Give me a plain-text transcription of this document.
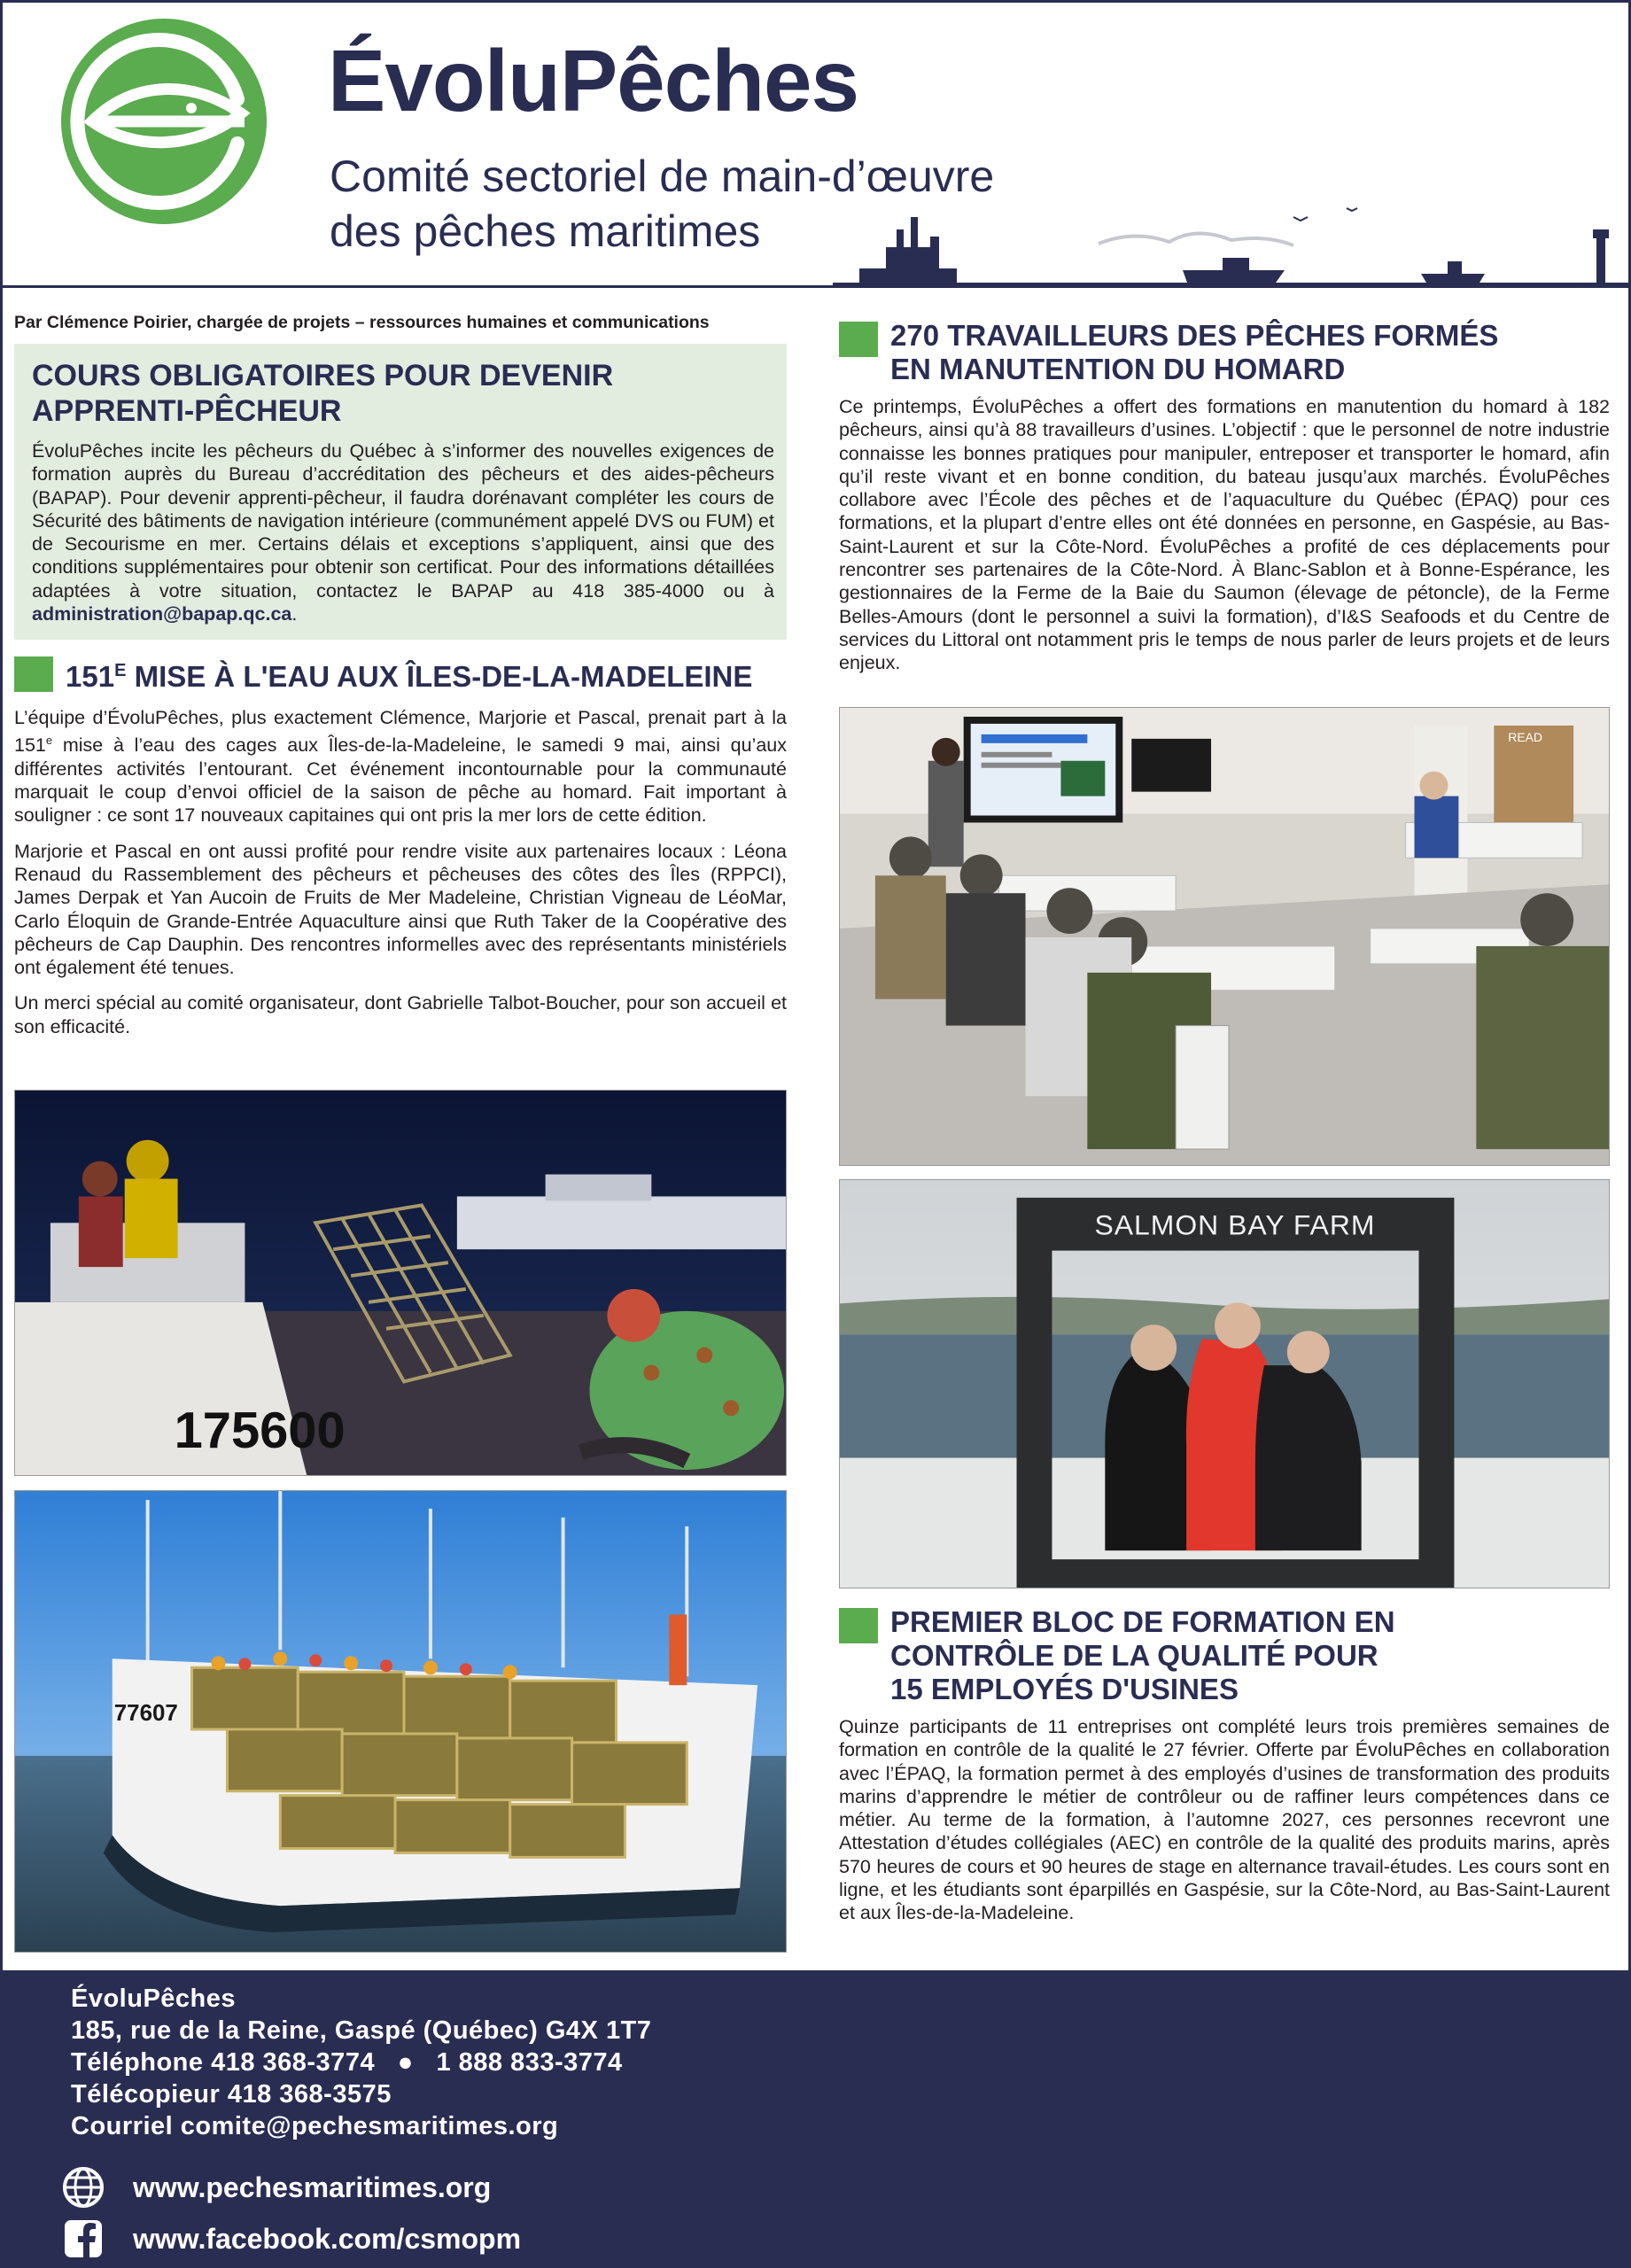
ÉvoluPêches
Comité sectoriel de main-d’œuvre
des pêches maritimes
Par Clémence Poirier, chargée de projets – ressources humaines et communications
COURS OBLIGATOIRES POUR DEVENIR
APPRENTI-PÊCHEUR

ÉvoluPêches incite les pêcheurs du Québec à s’informer des nouvelles exigences de formation auprès du Bureau d’accréditation des pêcheurs et des aides-pêcheurs (BAPAP). Pour devenir apprenti-pêcheur, il faudra dorénavant compléter les cours de Sécurité des bâtiments de navigation intérieure (communément appelé DVS ou FUM) et de Secourisme en mer. Certains délais et exceptions s’appliquent, ainsi que des conditions supplémentaires pour obtenir son certificat. Pour des informations détaillées adaptées à votre situation, contactez le BAPAP au 418 385-4000 ou à administration@bapap.qc.ca.

$151^E$ MISE À L'EAU AUX ÎLES-DE-LA-MADELEINE

L’équipe d’ÉvoluPêches, plus exactement Clémence, Marjorie et Pascal, prenait part à la 151e mise à l’eau des cages aux Îles-de-la-Madeleine, le samedi 9 mai, ainsi qu’aux différentes activités l’entourant. Cet événement incontournable pour la communauté marquait le coup d’envoi officiel de la saison de pêche au homard. Fait important à souligner : ce sont 17 nouveaux capitaines qui ont pris la mer lors de cette édition.

Marjorie et Pascal en ont aussi profité pour rendre visite aux partenaires locaux : Léona Renaud du Rassemblement des pêcheurs et pêcheuses des côtes des Îles (RPPCI), James Derpak et Yan Aucoin de Fruits de Mer Madeleine, Christian Vigneau de LéoMar, Carlo Éloquin de Grande-Entrée Aquaculture ainsi que Ruth Taker de la Coopérative des pêcheurs de Cap Dauphin. Des rencontres informelles avec des représentants ministériels ont également été tenues.

Un merci spécial au comité organisateur, dont Gabrielle Talbot-Boucher, pour son accueil et son efficacité.

175600
77607
270 TRAVAILLEURS DES PÊCHES FORMÉS
EN MANUTENTION DU HOMARD

Ce printemps, ÉvoluPêches a offert des formations en manutention du homard à 182 pêcheurs, ainsi qu’à 88 travailleurs d’usines. L’objectif : que le personnel de notre industrie connaisse les bonnes pratiques pour manipuler, entreposer et transporter le homard, afin qu’il reste vivant et en bonne condition, du bateau jusqu’aux marchés. ÉvoluPêches collabore avec l’École des pêches et de l’aquaculture du Québec (ÉPAQ) pour ces formations, et la plupart d’entre elles ont été données en personne, en Gaspésie, au Bas-Saint-Laurent et sur la Côte-Nord. ÉvoluPêches a profité de ces déplacements pour rencontrer ses partenaires de la Côte-Nord. À Blanc-Sablon et à Bonne-Espérance, les gestionnaires de la Ferme de la Baie du Saumon (élevage de pétoncle), de la Ferme Belles-Amours (dont le personnel a suivi la formation), d’I&S Seafoods et du Centre de services du Littoral ont notamment pris le temps de nous parler de leurs projets et de leurs enjeux.

READ
SALMON BAY FARM
PREMIER BLOC DE FORMATION EN
CONTRÔLE DE LA QUALITÉ POUR
15 EMPLOYÉS D'USINES

Quinze participants de 11 entreprises ont complété leurs trois premières semaines de formation en contrôle de la qualité le 27 février. Offerte par ÉvoluPêches en collaboration avec l’ÉPAQ, la formation permet à des employés d’usines de transformation des produits marins d’apprendre le métier de contrôleur ou de raffiner leurs compétences dans ce métier. Au terme de la formation, à l’automne 2027, ces personnes recevront une Attestation d’études collégiales (AEC) en contrôle de la qualité des produits marins, après 570 heures de cours et 90 heures de stage en alternance travail-études. Les cours sont en ligne, et les étudiants sont éparpillés en Gaspésie, sur la Côte-Nord, au Bas-Saint-Laurent et aux Îles-de-la-Madeleine.

ÉvoluPêches
185, rue de la Reine, Gaspé (Québec) G4X 1T7
Téléphone 418 368-3774 ● 1 888 833-3774
Télécopieur 418 368-3575
Courriel comite@pechesmaritimes.org
www.pechesmaritimes.org
www.facebook.com/csmopm
